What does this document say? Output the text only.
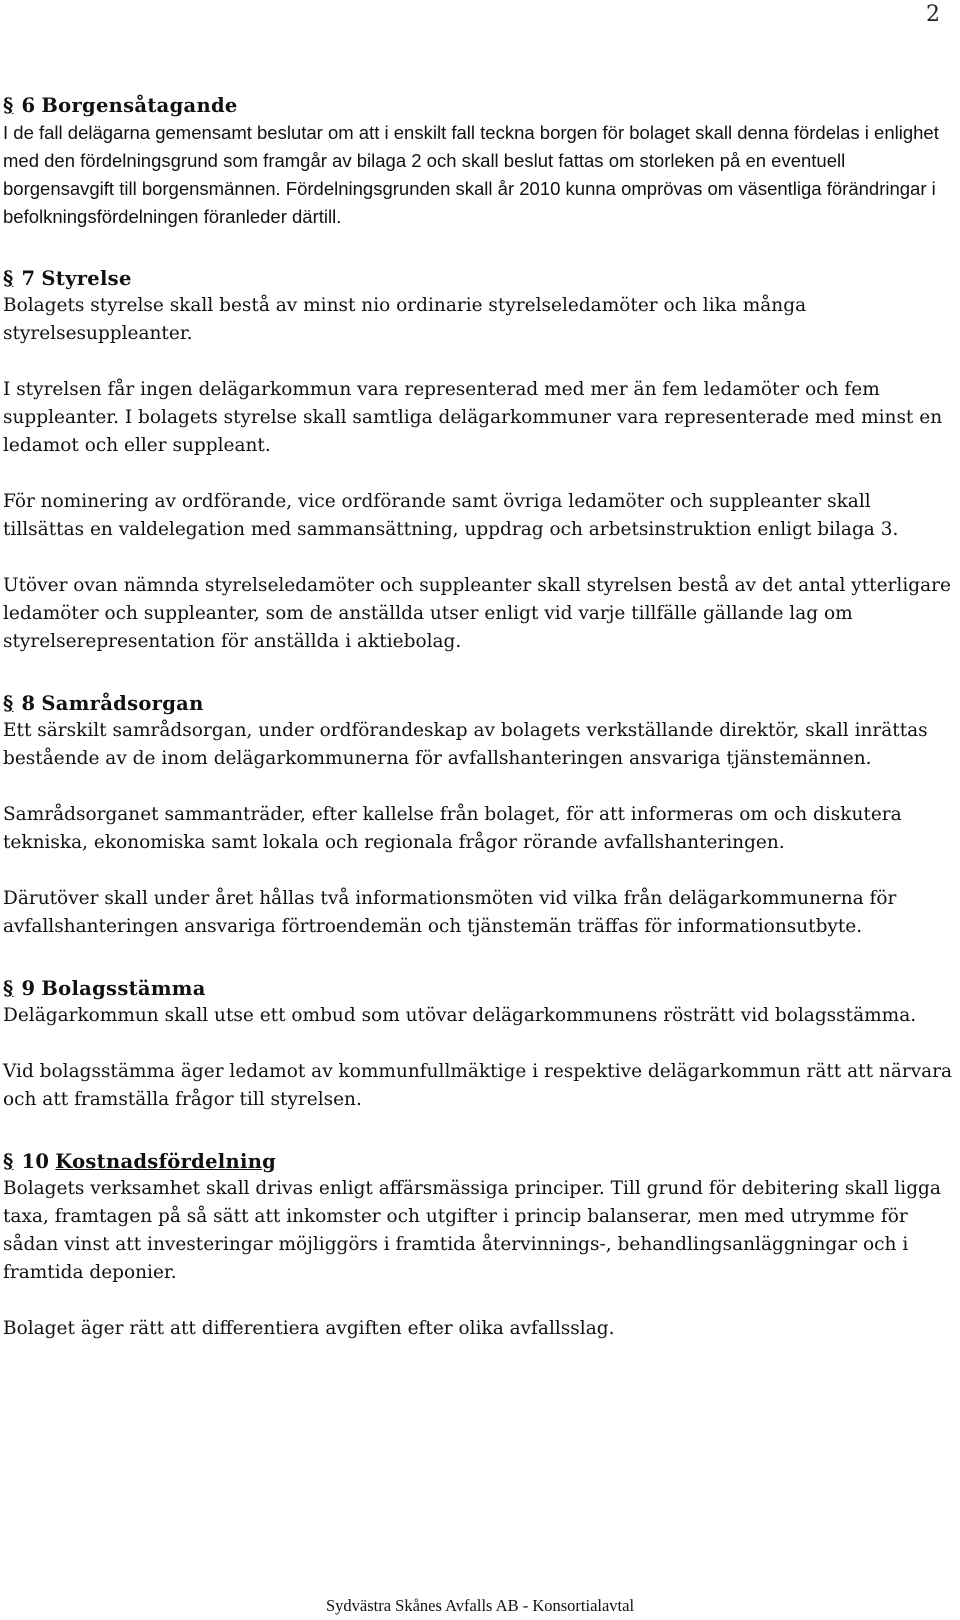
2
§ 6 Borgensåtagande

I de fall delägarna gemensamt beslutar om att i enskilt fall teckna borgen för bolaget skall denna fördelas i enlighet med den fördelningsgrund som framgår av bilaga 2 och skall beslut fattas om storleken på en eventuell borgensavgift till borgensmännen. Fördelningsgrunden skall år 2010 kunna omprövas om väsentliga förändringar i befolkningsfördelningen föranleder därtill.

§ 7 Styrelse

Bolagets styrelse skall bestå av minst nio ordinarie styrelseledamöter och lika många styrelsesuppleanter.

I styrelsen får ingen delägarkommun vara representerad med mer än fem ledamöter och fem suppleanter. I bolagets styrelse skall samtliga delägarkommuner vara representerade med minst en ledamot och eller suppleant.

För nominering av ordförande, vice ordförande samt övriga ledamöter och suppleanter skall tillsättas en valdelegation med sammansättning, uppdrag och arbetsinstruktion enligt bilaga 3.

Utöver ovan nämnda styrelseledamöter och suppleanter skall styrelsen bestå av det antal ytterligare ledamöter och suppleanter, som de anställda utser enligt vid varje tillfälle gällande lag om styrelserepresentation för anställda i aktiebolag.

§ 8 Samrådsorgan

Ett särskilt samrådsorgan, under ordförandeskap av bolagets verkställande direktör, skall inrättas bestående av de inom delägarkommunerna för avfallshanteringen ansvariga tjänstemännen.

Samrådsorganet sammanträder, efter kallelse från bolaget, för att informeras om och diskutera tekniska, ekonomiska samt lokala och regionala frågor rörande avfallshanteringen.

Därutöver skall under året hållas två informationsmöten vid vilka från delägarkommunerna för avfallshanteringen ansvariga förtroendemän och tjänstemän träffas för informationsutbyte.

§ 9 Bolagsstämma

Delägarkommun skall utse ett ombud som utövar delägarkommunens rösträtt vid bolagsstämma.

Vid bolagsstämma äger ledamot av kommunfullmäktige i respektive delägarkommun rätt att närvara och att framställa frågor till styrelsen.

§ 10 Kostnadsfördelning

Bolagets verksamhet skall drivas enligt affärsmässiga principer. Till grund för debitering skall ligga taxa, framtagen på så sätt att inkomster och utgifter i princip balanserar, men med utrymme för sådan vinst att investeringar möjliggörs i framtida återvinnings-, behandlingsanläggningar och i framtida deponier.

Bolaget äger rätt att differentiera avgiften efter olika avfallsslag.

Sydvästra Skånes Avfalls AB - Konsortialavtal
